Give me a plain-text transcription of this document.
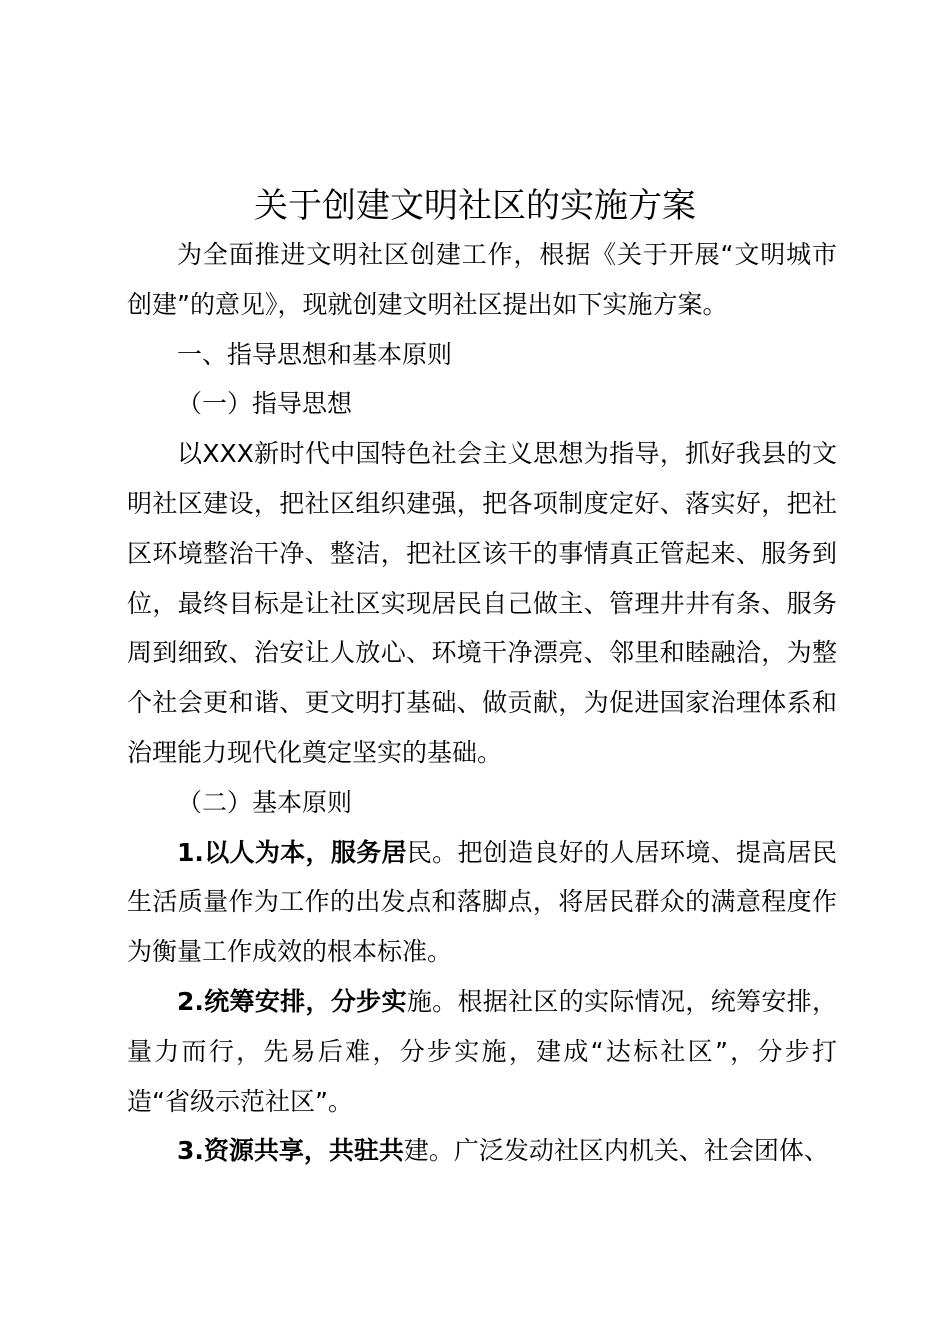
关于创建文明社区的实施方案

为全面推进文明社区创建工作，根据《关于开展“文明城市创建”的意见》，现就创建文明社区提出如下实施方案。

一、指导思想和基本原则

（一）指导思想

以XXX新时代中国特色社会主义思想为指导，抓好我县的文明社区建设，把社区组织建强，把各项制度定好、落实好，把社区环境整治干净、整洁，把社区该干的事情真正管起来、服务到位，最终目标是让社区实现居民自己做主、管理井井有条、服务周到细致、治安让人放心、环境干净漂亮、邻里和睦融洽，为整个社会更和谐、更文明打基础、做贡献，为促进国家治理体系和治理能力现代化奠定坚实的基础。

（二）基本原则

1.以人为本，服务居民。把创造良好的人居环境、提高居民生活质量作为工作的出发点和落脚点，将居民群众的满意程度作为衡量工作成效的根本标准。

2.统筹安排，分步实施。根据社区的实际情况，统筹安排，量力而行，先易后难，分步实施，建成“达标社区”，分步打造“省级示范社区”。

3.资源共享，共驻共建。广泛发动社区内机关、社会团体、
